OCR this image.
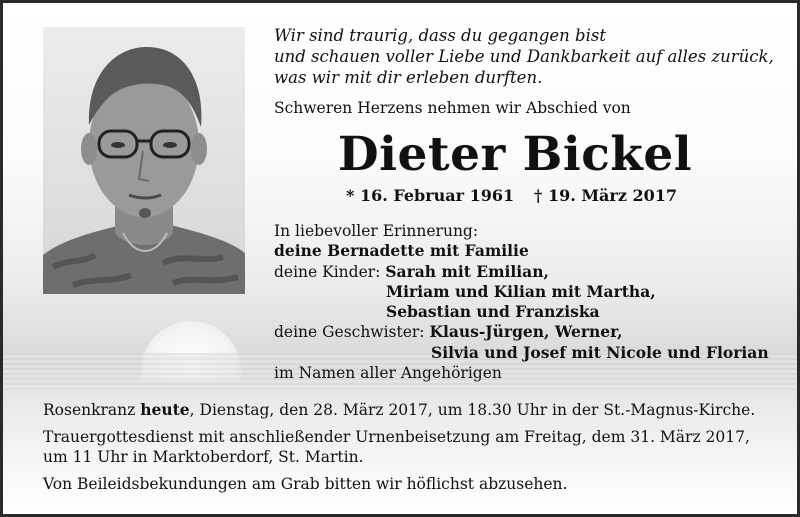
Wir sind traurig, dass du gegangen bist
und schauen voller Liebe und Dankbarkeit auf alles zurück,
was wir mit dir erleben durften.
Schweren Herzens nehmen wir Abschied von
Dieter Bickel
* 16. Februar 1961 † 19. März 2017
In liebevoller Erinnerung:
deine Bernadette mit Familie
deine Kinder: Sarah mit Emilian,
Miriam und Kilian mit Martha,
Sebastian und Franziska
deine Geschwister: Klaus-Jürgen, Werner,
Silvia und Josef mit Nicole und Florian
im Namen aller Angehörigen
Rosenkranz heute, Dienstag, den 28. März 2017, um 18.30 Uhr in der St.-Magnus-Kirche.
Trauergottesdienst mit anschließender Urnenbeisetzung am Freitag, dem 31. März 2017,
um 11 Uhr in Marktoberdorf, St. Martin.
Von Beileidsbekundungen am Grab bitten wir höflichst abzusehen.
